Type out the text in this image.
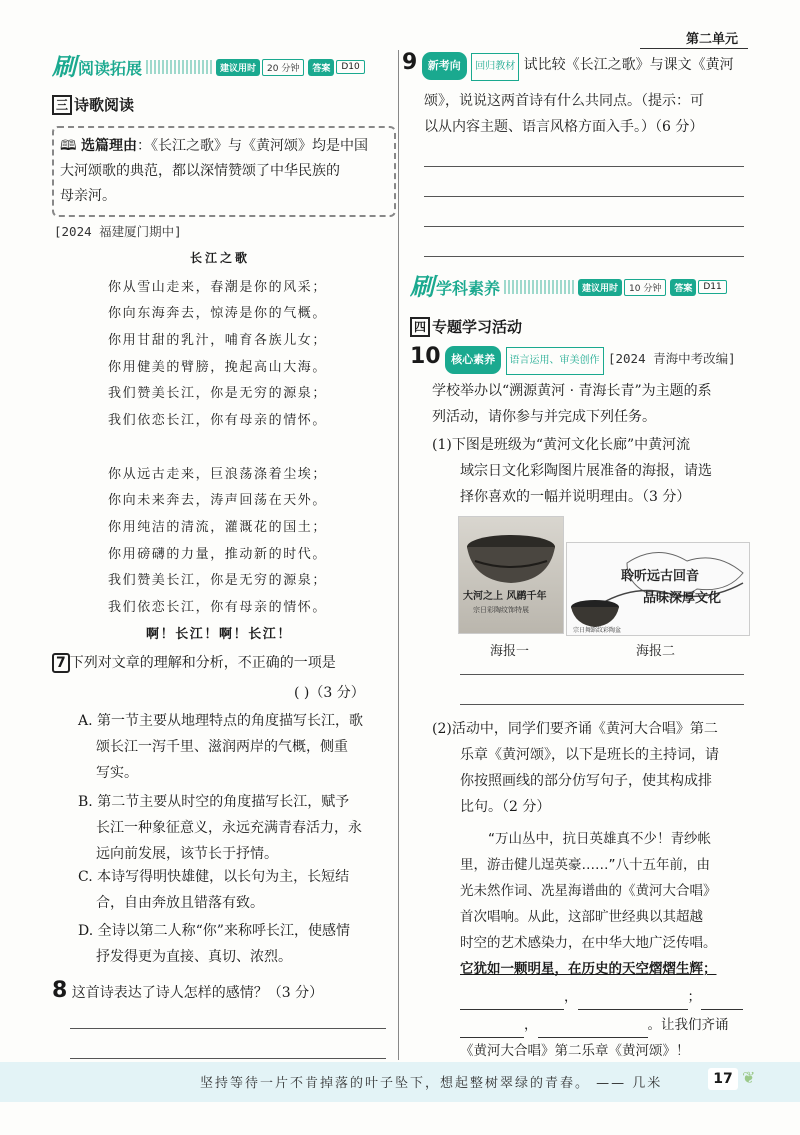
第二单元
刷 阅读拓展	建议用时	20 分钟	答案	D10
三 诗歌阅读
🕮 选篇理由：《长江之歌》与《黄河颂》均是中国
大河颂歌的典范，都以深情赞颂了中华民族的
母亲河。
[2024 福建厦门期中]
长江之歌
你从雪山走来，春潮是你的风采；
你向东海奔去，惊涛是你的气概。
你用甘甜的乳汁，哺育各族儿女；
你用健美的臂膀，挽起高山大海。
我们赞美长江，你是无穷的源泉；
我们依恋长江，你有母亲的情怀。
你从远古走来，巨浪荡涤着尘埃；
你向未来奔去，涛声回荡在天外。
你用纯洁的清流，灌溉花的国土；
你用磅礴的力量，推动新的时代。
我们赞美长江，你是无穷的源泉；
我们依恋长江，你有母亲的情怀。
啊！长江！啊！长江！
7 下列对文章的理解和分析，不正确的一项是
( )（3 分）
A. 第一节主要从地理特点的角度描写长江，歌
颂长江一泻千里、滋润两岸的气概，侧重
写实。
B. 第二节主要从时空的角度描写长江，赋予
长江一种象征意义，永远充满青春活力，永
远向前发展，该节长于抒情。
C. 本诗写得明快雄健，以长句为主，长短结
合，自由奔放且错落有致。
D. 全诗以第二人称“你”来称呼长江，使感情
抒发得更为直接、真切、浓烈。
8 这首诗表达了诗人怎样的感情？（3 分）
9 新考向 回归教材 试比较《长江之歌》与课文《黄河
颂》，说说这两首诗有什么共同点。（提示：可
以从内容主题、语言风格方面入手。）（6 分）
刷 学科素养	建议用时	10 分钟	答案	D11
四 专题学习活动
10 核心素养 语言运用、审美创作 [2024 青海中考改编]
学校举办以“溯源黄河 · 青海长青”为主题的系
列活动，请你参与并完成下列任务。
(1)下图是班级为“黄河文化长廊”中黄河流
域宗日文化彩陶图片展准备的海报，请选
择你喜欢的一幅并说明理由。（3 分）
大河之上 风鹛千年
宗日彩陶纹饰特展
海报一
聆听远古回音
品味深厚文化
宗日舞蹈纹彩陶盆
海报二
(2)活动中，同学们要齐诵《黄河大合唱》第二
乐章《黄河颂》，以下是班长的主持词，请
你按照画线的部分仿写句子，使其构成排
比句。（2 分）
“万山丛中，抗日英雄真不少！青纱帐
里，游击健儿逞英豪……”八十五年前，由
光未然作词、冼星海谱曲的《黄河大合唱》
首次唱响。从此，这部旷世经典以其超越
时空的艺术感染力，在中华大地广泛传唱。
它犹如一颗明星，在历史的天空熠熠生辉；
，	；
，	。让我们齐诵
《黄河大合唱》第二乐章《黄河颂》！
坚持等待一片不肯掉落的叶子坠下，想起整树翠绿的青春。 —— 几米	17 ❦
